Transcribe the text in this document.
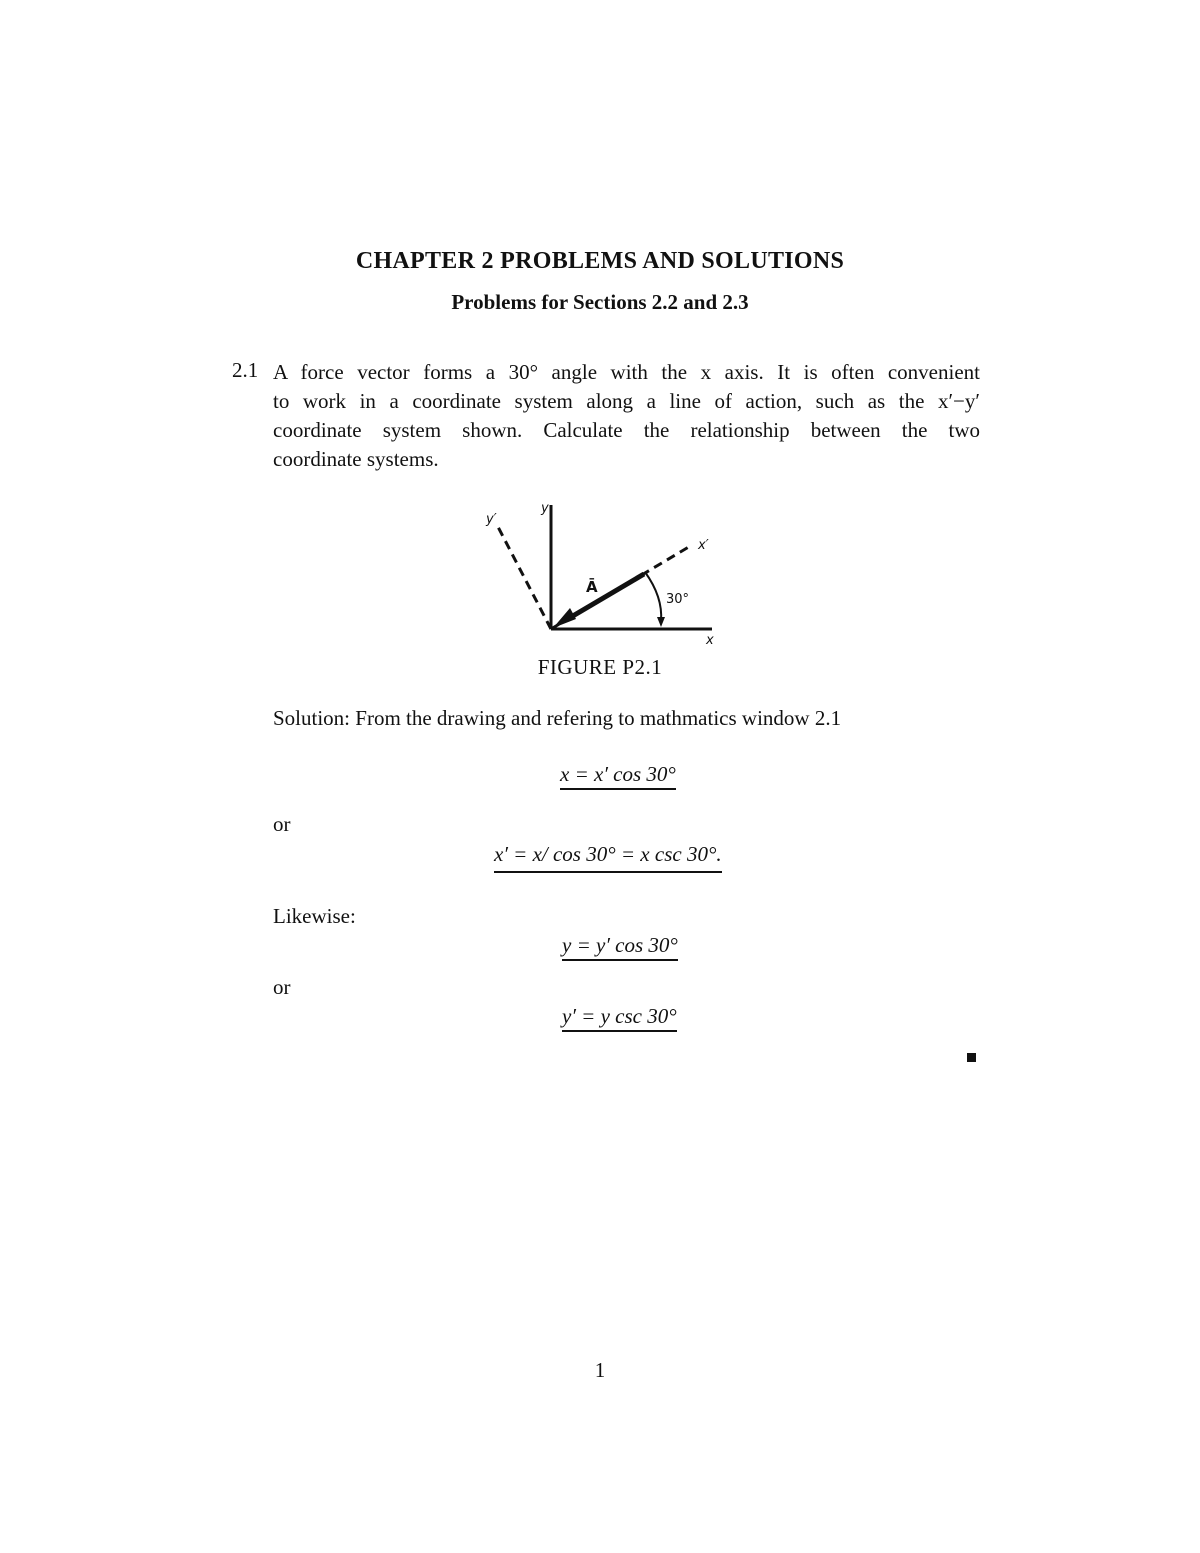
CHAPTER 2 PROBLEMS AND SOLUTIONS
Problems for Sections 2.2 and 2.3
2.1 A force vector forms a 30° angle with the x axis. It is often convenient
to work in a coordinate system along a line of action, such as the x′−y′
coordinate system shown. Calculate the relationship between the two
coordinate systems.
y′
y
x′
x
Ā
30°
FIGURE P2.1
Solution: From the drawing and refering to mathmatics window 2.1
x = x′ cos 30°
or
x′ = x/ cos 30° = x csc 30°.
Likewise:
y = y′ cos 30°
or
y′ = y csc 30°
1
